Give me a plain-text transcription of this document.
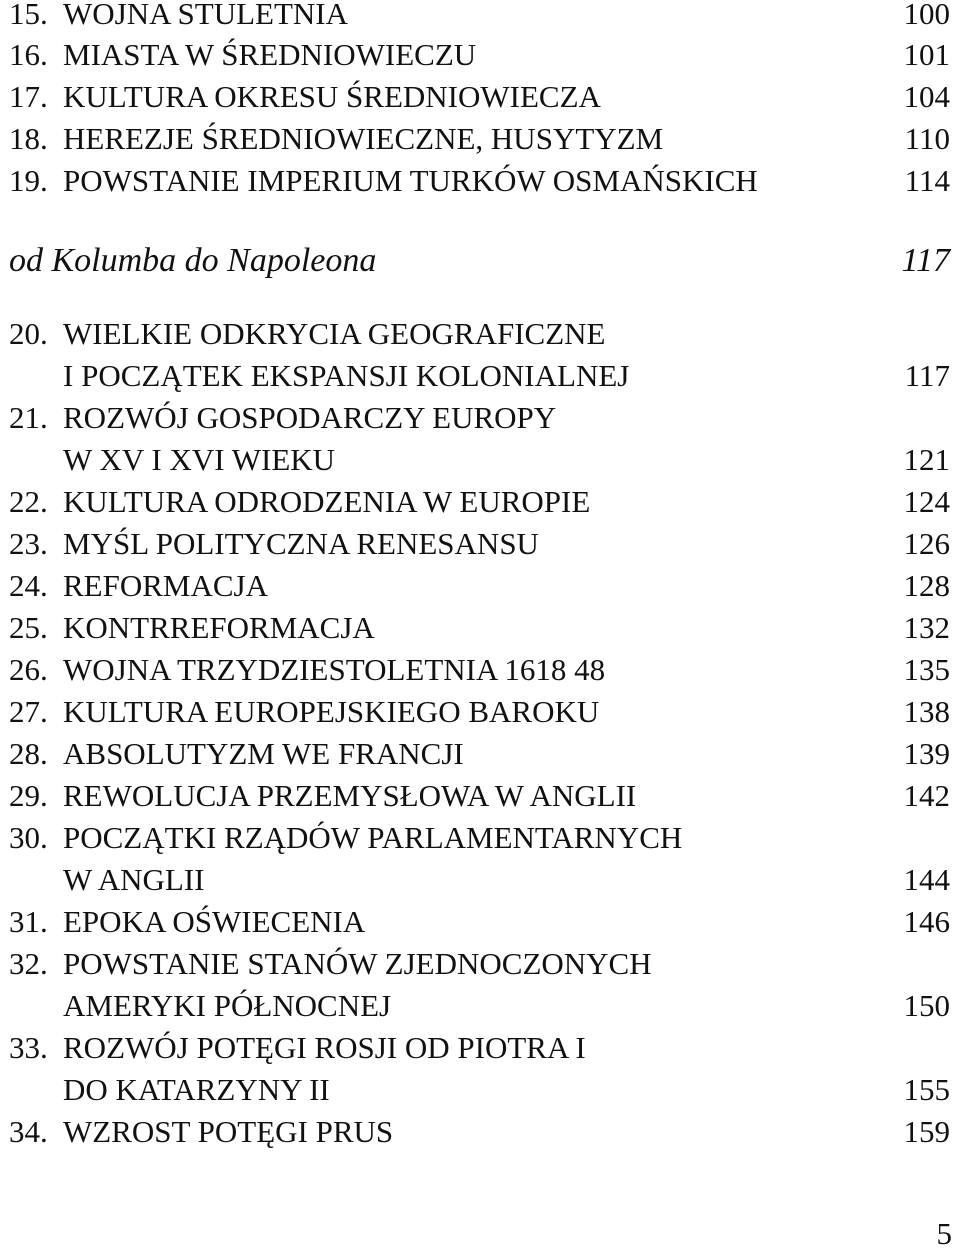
15. WOJNA STULETNIA	100
16. MIASTA W ŚREDNIOWIECZU	101
17. KULTURA OKRESU ŚREDNIOWIECZA	104
18. HEREZJE ŚREDNIOWIECZNE, HUSYTYZM	110
19. POWSTANIE IMPERIUM TURKÓW OSMAŃSKICH	114
od Kolumba do Napoleona	117
20. WIELKIE ODKRYCIA GEOGRAFICZNE
I POCZĄTEK EKSPANSJI KOLONIALNEJ	117
21. ROZWÓJ GOSPODARCZY EUROPY
W XV I XVI WIEKU	121
22. KULTURA ODRODZENIA W EUROPIE	124
23. MYŚL POLITYCZNA RENESANSU	126
24. REFORMACJA	128
25. KONTRREFORMACJA	132
26. WOJNA TRZYDZIESTOLETNIA 1618 48	135
27. KULTURA EUROPEJSKIEGO BAROKU	138
28. ABSOLUTYZM WE FRANCJI	139
29. REWOLUCJA PRZEMYSŁOWA W ANGLII	142
30. POCZĄTKI RZĄDÓW PARLAMENTARNYCH
W ANGLII	144
31. EPOKA OŚWIECENIA	146
32. POWSTANIE STANÓW ZJEDNOCZONYCH
AMERYKI PÓŁNOCNEJ	150
33. ROZWÓJ POTĘGI ROSJI OD PIOTRA I
DO KATARZYNY II	155
34. WZROST POTĘGI PRUS	159
5
